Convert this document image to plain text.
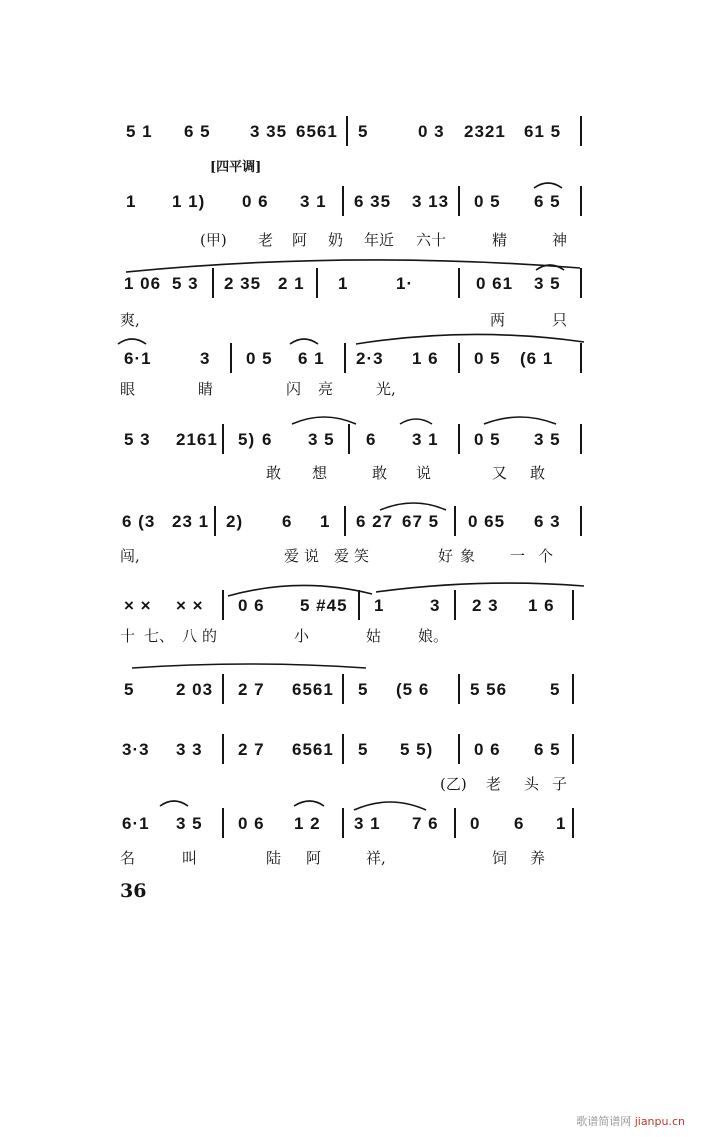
5 1 6 5 3 35 6561 5	0 3 2321 61 5
[四平调]
1 1 1) 0 6 3 1 6 35 3 13 0 5 6 5
(甲) 老 阿 奶 年近 六十	精	神
1 06 5 3 2 35 2 1 1	1·	0 61 3 5
爽,	两	只
6·1	3 0 5 6 1 2·3 1 6 0 5 (6 1
眼	睛	闪 亮	光,
5 3 2161 5) 6 3 5 6 3 1 0 5 3 5
敢 想	敢 说	又 敢
6 (3 23 1 2) 6 1 6 27 67 5 0 65 6 3
闯,	爱 说 爱 笑	好 象 一 个
× × × × 0 6 5 #45 1	3 2 3 1 6
十 七、 八 的	小	姑 娘。
5 2 03 2 7 6561 5 (5 6 5 56	5
3·3 3 3 2 7 6561 5 5 5) 0 6 6 5
(乙) 老 头 子
6·1 3 5 0 6 1 2 3 1 7 6 0 6 1
名	叫	陆 阿	祥,	饲 养
36
歌谱简谱网 jianpu.cn
